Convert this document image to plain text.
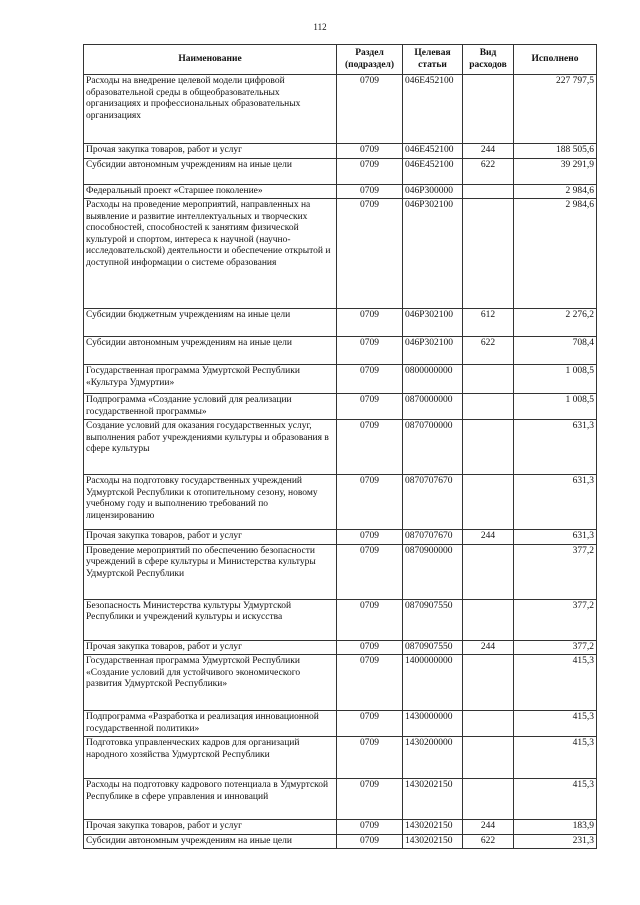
112
Наименование	Раздел (подраздел)	Целевая статьи	Вид расходов	Исполнено
Расходы на внедрение целевой модели цифровой образовательной среды в общеобразовательных организациях и профессиональных образовательных организациях	0709	046E452100		227 797,5
Прочая закупка товаров, работ и услуг	0709	046E452100	244	188 505,6
Субсидии автономным учреждениям на иные цели	0709	046E452100	622	39 291,9
Федеральный проект «Старшее поколение»	0709	046P300000		2 984,6
Расходы на проведение мероприятий, направленных на выявление и развитие интеллектуальных и творческих способностей, способностей к занятиям физической культурой и спортом, интереса к научной (научно-исследовательской) деятельности и обеспечение открытой и доступной информации о системе образования	0709	046P302100		2 984,6
Субсидии бюджетным учреждениям на иные цели	0709	046P302100	612	2 276,2
Субсидии автономным учреждениям на иные цели	0709	046P302100	622	708,4
Государственная программа Удмуртской Республики «Культура Удмуртии»	0709	0800000000		1 008,5
Подпрограмма «Создание условий для реализации государственной программы»	0709	0870000000		1 008,5
Создание условий для оказания государственных услуг, выполнения работ учреждениями культуры и образования в сфере культуры	0709	0870700000		631,3
Расходы на подготовку государственных учреждений Удмуртской Республики к отопительному сезону, новому учебному году и выполнению требований по лицензированию	0709	0870707670		631,3
Прочая закупка товаров, работ и услуг	0709	0870707670	244	631,3
Проведение мероприятий по обеспечению безопасности учреждений в сфере культуры и Министерства культуры Удмуртской Республики	0709	0870900000		377,2
Безопасность Министерства культуры Удмуртской Республики и учреждений культуры и искусства	0709	0870907550		377,2
Прочая закупка товаров, работ и услуг	0709	0870907550	244	377,2
Государственная программа Удмуртской Республики «Создание условий для устойчивого экономического развития Удмуртской Республики»	0709	1400000000		415,3
Подпрограмма «Разработка и реализация инновационной государственной политики»	0709	1430000000		415,3
Подготовка управленческих кадров для организаций народного хозяйства Удмуртской Республики	0709	1430200000		415,3
Расходы на подготовку кадрового потенциала в Удмуртской Республике в сфере управления и инноваций	0709	1430202150		415,3
Прочая закупка товаров, работ и услуг	0709	1430202150	244	183,9
Субсидии автономным учреждениям на иные цели	0709	1430202150	622	231,3
